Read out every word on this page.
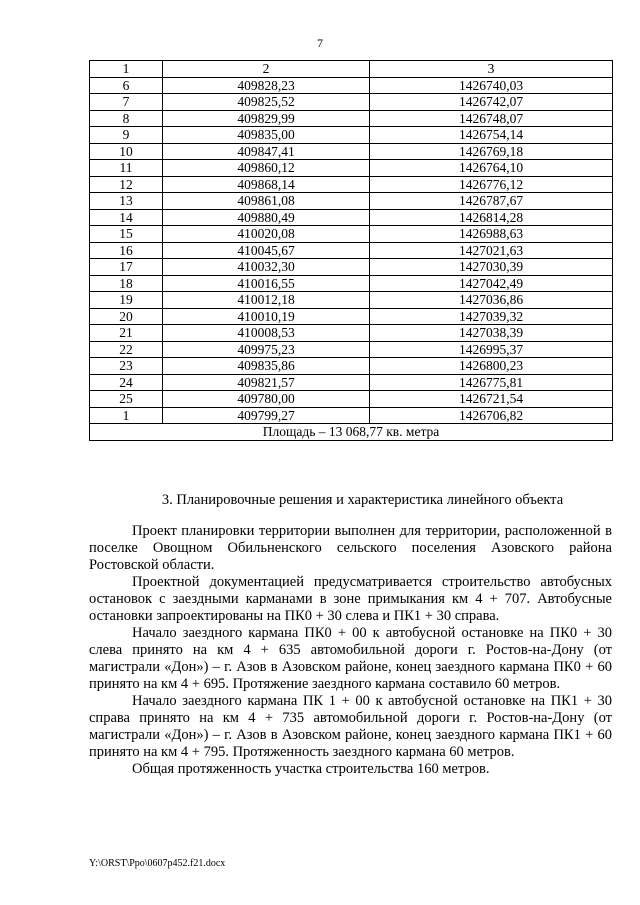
7
1	2	3
6	409828,23	1426740,03
7	409825,52	1426742,07
8	409829,99	1426748,07
9	409835,00	1426754,14
10	409847,41	1426769,18
11	409860,12	1426764,10
12	409868,14	1426776,12
13	409861,08	1426787,67
14	409880,49	1426814,28
15	410020,08	1426988,63
16	410045,67	1427021,63
17	410032,30	1427030,39
18	410016,55	1427042,49
19	410012,18	1427036,86
20	410010,19	1427039,32
21	410008,53	1427038,39
22	409975,23	1426995,37
23	409835,86	1426800,23
24	409821,57	1426775,81
25	409780,00	1426721,54
1	409799,27	1426706,82
Площадь – 13 068,77 кв. метра		
3. Планировочные решения и характеристика линейного объекта

Проект планировки территории выполнен для территории, расположенной в поселке Овощном Обильненского сельского поселения Азовского района Ростовской области.

Проектной документацией предусматривается строительство автобусных остановок с заездными карманами в зоне примыкания км 4 + 707. Автобусные остановки запроектированы на ПК0 + 30 слева и ПК1 + 30 справа.

Начало заездного кармана ПК0 + 00 к автобусной остановке на ПК0 + 30 слева принято на км 4 + 635 автомобильной дороги г. Ростов-на-Дону (от магистрали «Дон») – г. Азов в Азовском районе, конец заездного кармана ПК0 + 60 принято на км 4 + 695. Протяжение заездного кармана составило 60 метров.

Начало заездного кармана ПК 1 + 00 к автобусной остановке на ПК1 + 30 справа принято на км 4 + 735 автомобильной дороги г. Ростов-на-Дону (от магистрали «Дон») – г. Азов в Азовском районе, конец заездного кармана ПК1 + 60 принято на км 4 + 795. Протяженность заездного кармана 60 метров.

Общая протяженность участка строительства 160 метров.

Y:\ORST\Ppo\0607p452.f21.docx
